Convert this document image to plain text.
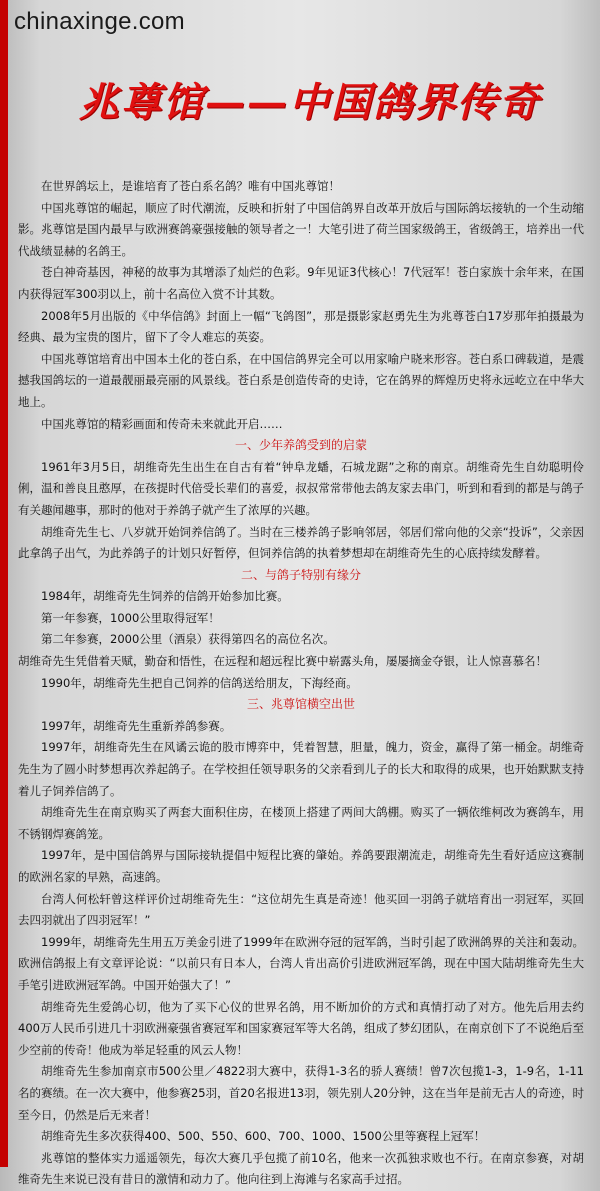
chinaxinge.com
兆尊馆——中国鸽界传奇

在世界鸽坛上，是谁培育了苍白系名鸽？唯有中国兆尊馆！

中国兆尊馆的崛起，顺应了时代潮流，反映和折射了中国信鸽界自改革开放后与国际鸽坛接轨的一个生动缩影。兆尊馆是国内最早与欧洲赛鸽豪强接触的领导者之一！大笔引进了荷兰国家级鸽王，省级鸽王，培养出一代代战绩显赫的名鸽王。

苍白神奇基因，神秘的故事为其增添了灿烂的色彩。9年见证3代核心！7代冠军！苍白家族十余年来，在国内获得冠军300羽以上，前十名高位入赏不计其数。

2008年5月出版的《中华信鸽》封面上一幅“飞鸽图”，那是摄影家赵勇先生为兆尊苍白17岁那年拍摄最为经典、最为宝贵的图片，留下了令人难忘的英姿。

中国兆尊馆培育出中国本土化的苍白系，在中国信鸽界完全可以用家喻户晓来形容。苍白系口碑载道，是震撼我国鸽坛的一道最靓丽最亮丽的风景线。苍白系是创造传奇的史诗，它在鸽界的辉煌历史将永远屹立在中华大地上。

中国兆尊馆的精彩画面和传奇未来就此开启……

一、少年养鸽受到的启蒙

1961年3月5日，胡维奇先生出生在自古有着“钟阜龙蟠，石城龙踞”之称的南京。胡维奇先生自幼聪明伶俐，温和善良且憨厚，在孩提时代倍受长辈们的喜爱，叔叔常常带他去鸽友家去串门，听到和看到的都是与鸽子有关趣闻趣事，那时的他对于养鸽子就产生了浓厚的兴趣。

胡维奇先生七、八岁就开始饲养信鸽了。当时在三楼养鸽子影响邻居，邻居们常向他的父亲“投诉”，父亲因此拿鸽子出气，为此养鸽子的计划只好暂停，但饲养信鸽的执着梦想却在胡维奇先生的心底持续发酵着。

二、与鸽子特别有缘分

1984年，胡维奇先生饲养的信鸽开始参加比赛。

第一年参赛，1000公里取得冠军！

第二年参赛，2000公里（酒泉）获得第四名的高位名次。

胡维奇先生凭借着天赋，勤奋和悟性，在远程和超远程比赛中崭露头角，屡屡摘金夺银，让人惊喜慕名！

1990年，胡维奇先生把自己饲养的信鸽送给朋友，下海经商。

三、兆尊馆横空出世

1997年，胡维奇先生重新养鸽参赛。

1997年，胡维奇先生在风谲云诡的股市博弈中，凭着智慧，胆量，魄力，资金，赢得了第一桶金。胡维奇先生为了圆小时梦想再次养起鸽子。在学校担任领导职务的父亲看到儿子的长大和取得的成果，也开始默默支持着儿子饲养信鸽了。

胡维奇先生在南京购买了两套大面积住房，在楼顶上搭建了两间大鸽棚。购买了一辆依维柯改为赛鸽车，用不锈钢焊赛鸽笼。

1997年，是中国信鸽界与国际接轨提倡中短程比赛的肇始。养鸽要跟潮流走，胡维奇先生看好适应这赛制的欧洲名家的早熟，高速鸽。

台湾人何松轩曾这样评价过胡维奇先生：“这位胡先生真是奇迹！他买回一羽鸽子就培育出一羽冠军，买回去四羽就出了四羽冠军！”

1999年，胡维奇先生用五万美金引进了1999年在欧洲夺冠的冠军鸽，当时引起了欧洲鸽界的关注和轰动。欧洲信鸽报上有文章评论说：“以前只有日本人，台湾人肯出高价引进欧洲冠军鸽，现在中国大陆胡维奇先生大手笔引进欧洲冠军鸽。中国开始强大了！”

胡维奇先生爱鸽心切，他为了买下心仪的世界名鸽，用不断加价的方式和真情打动了对方。他先后用去约400万人民币引进几十羽欧洲豪强省赛冠军和国家赛冠军等大名鸽，组成了梦幻团队，在南京创下了不说绝后至少空前的传奇！他成为举足轻重的风云人物！

胡维奇先生参加南京市500公里／4822羽大赛中，获得1-3名的骄人赛绩！曾7次包揽1-3，1-9名，1-11名的赛绩。在一次大赛中，他参赛25羽，首20名报进13羽，领先别人20分钟，这在当年是前无古人的奇迹，时至今日，仍然是后无来者！

胡维奇先生多次获得400、500、550、600、700、1000、1500公里等赛程上冠军！

兆尊馆的整体实力遥遥领先，每次大赛几乎包揽了前10名，他来一次孤独求败也不行。在南京参赛，对胡维奇先生来说已没有昔日的激情和动力了。他向往到上海滩与名家高手过招。
